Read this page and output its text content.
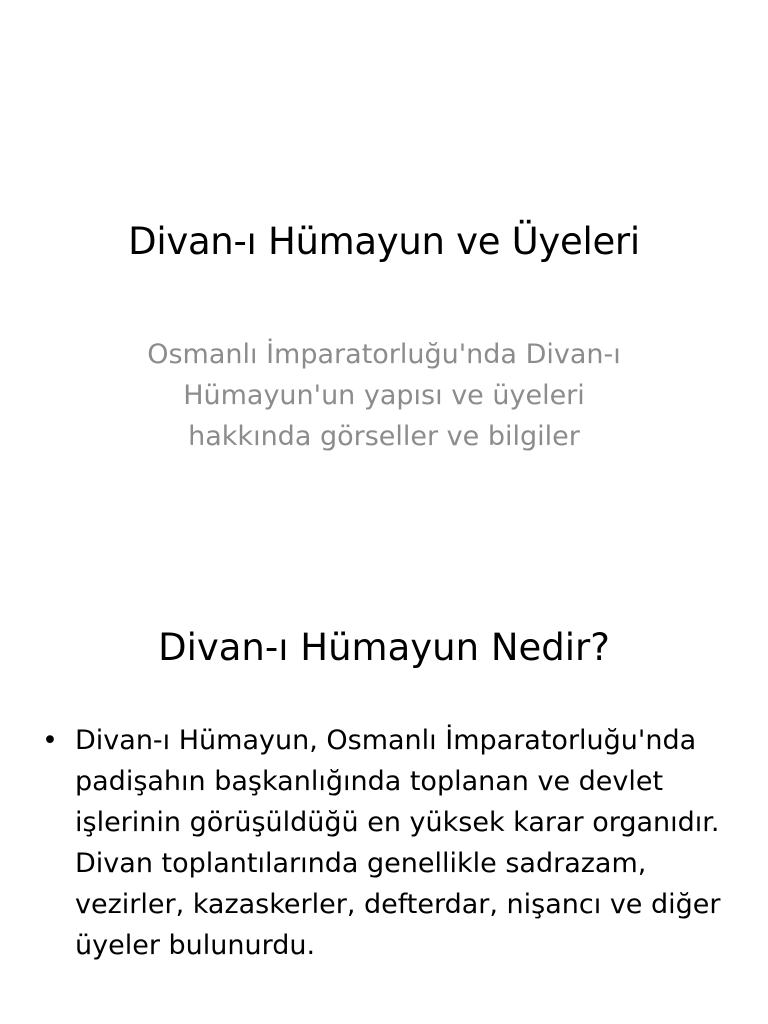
Divan-ı Hümayun ve Üyeleri

Osmanlı İmparatorluğu'nda Divan-ı Hümayun'un yapısı ve üyeleri hakkında görseller ve bilgiler

Divan-ı Hümayun Nedir?
• Divan-ı Hümayun, Osmanlı İmparatorluğu'nda padişahın başkanlığında toplanan ve devlet işlerinin görüşüldüğü en yüksek karar organıdır. Divan toplantılarında genellikle sadrazam, vezirler, kazaskerler, defterdar, nişancı ve diğer üyeler bulunurdu.
